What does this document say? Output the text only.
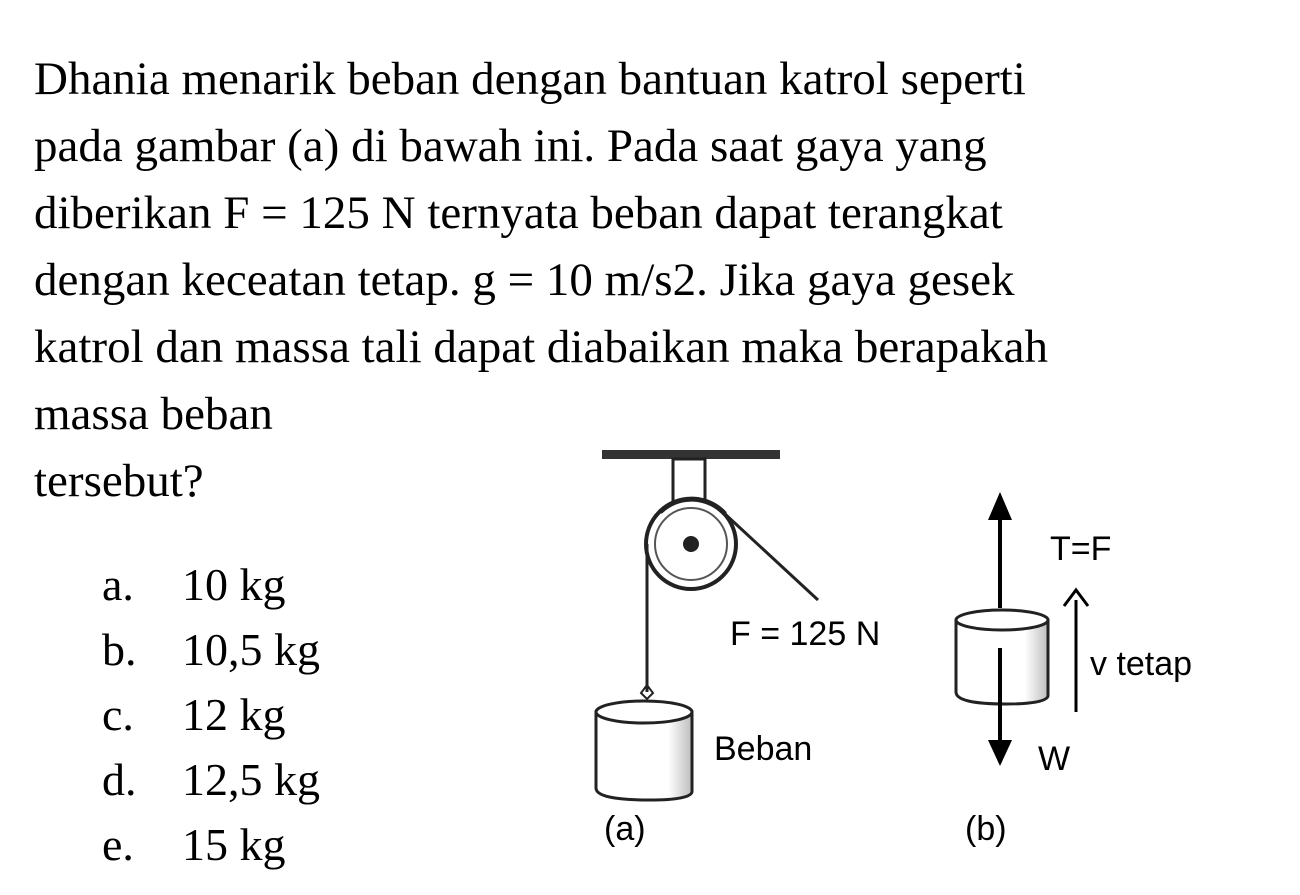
Dhania menarik beban dengan bantuan katrol seperti
pada gambar (a) di bawah ini. Pada saat gaya yang
diberikan F = 125 N ternyata beban dapat terangkat
dengan keceatan tetap. g = 10 m/s2. Jika gaya gesek
katrol dan massa tali dapat diabaikan maka berapakah
massa beban
tersebut?
a.	10 kg
b. 10,5 kg
c.	12 kg
d. 12,5 kg
e.	15 kg
F = 125 N
Beban
(a)
T=F
W
v tetap
(b)
